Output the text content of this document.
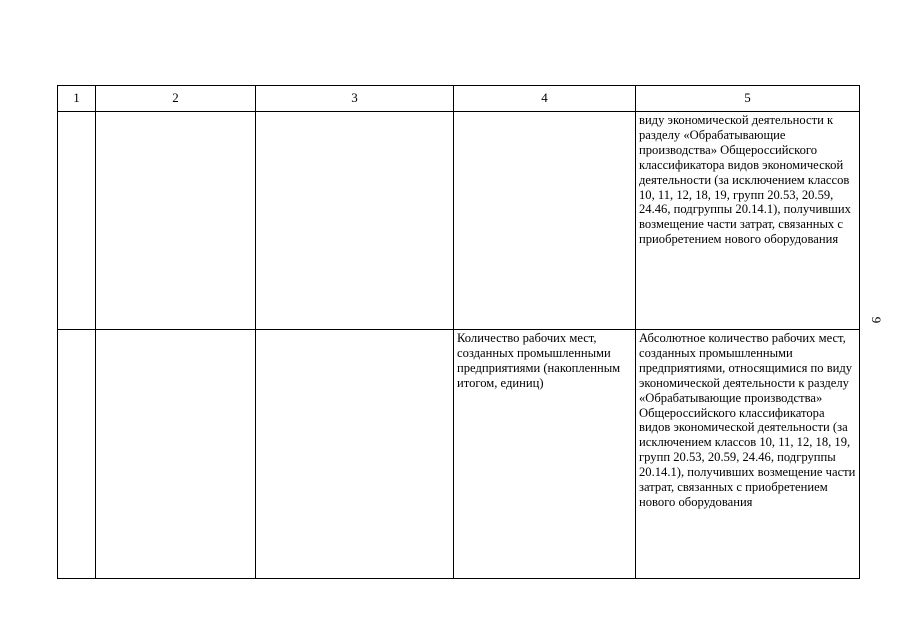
1	2	3	4	5

				виду экономической деятельности к разделу «Обрабатывающие производства» Общероссийского классификатора видов экономической деятельности (за исключением классов 10, 11, 12, 18, 19, групп 20.53, 20.59, 24.46, подгруппы 20.14.1), получивших возмещение части затрат, связанных с приобретением нового оборудования

			Количество рабочих мест, созданных промышленными предприятиями (накопленным итогом, единиц)	Абсолютное количество рабочих мест, созданных промышленными предприятиями, относящимися по виду экономической деятельности к разделу «Обрабатывающие производства» Общероссийского классификатора видов экономической деятельности (за исключением классов 10, 11, 12, 18, 19, групп 20.53, 20.59, 24.46, подгруппы 20.14.1), получивших возмещение части затрат, связанных с приобретением нового оборудования
9
